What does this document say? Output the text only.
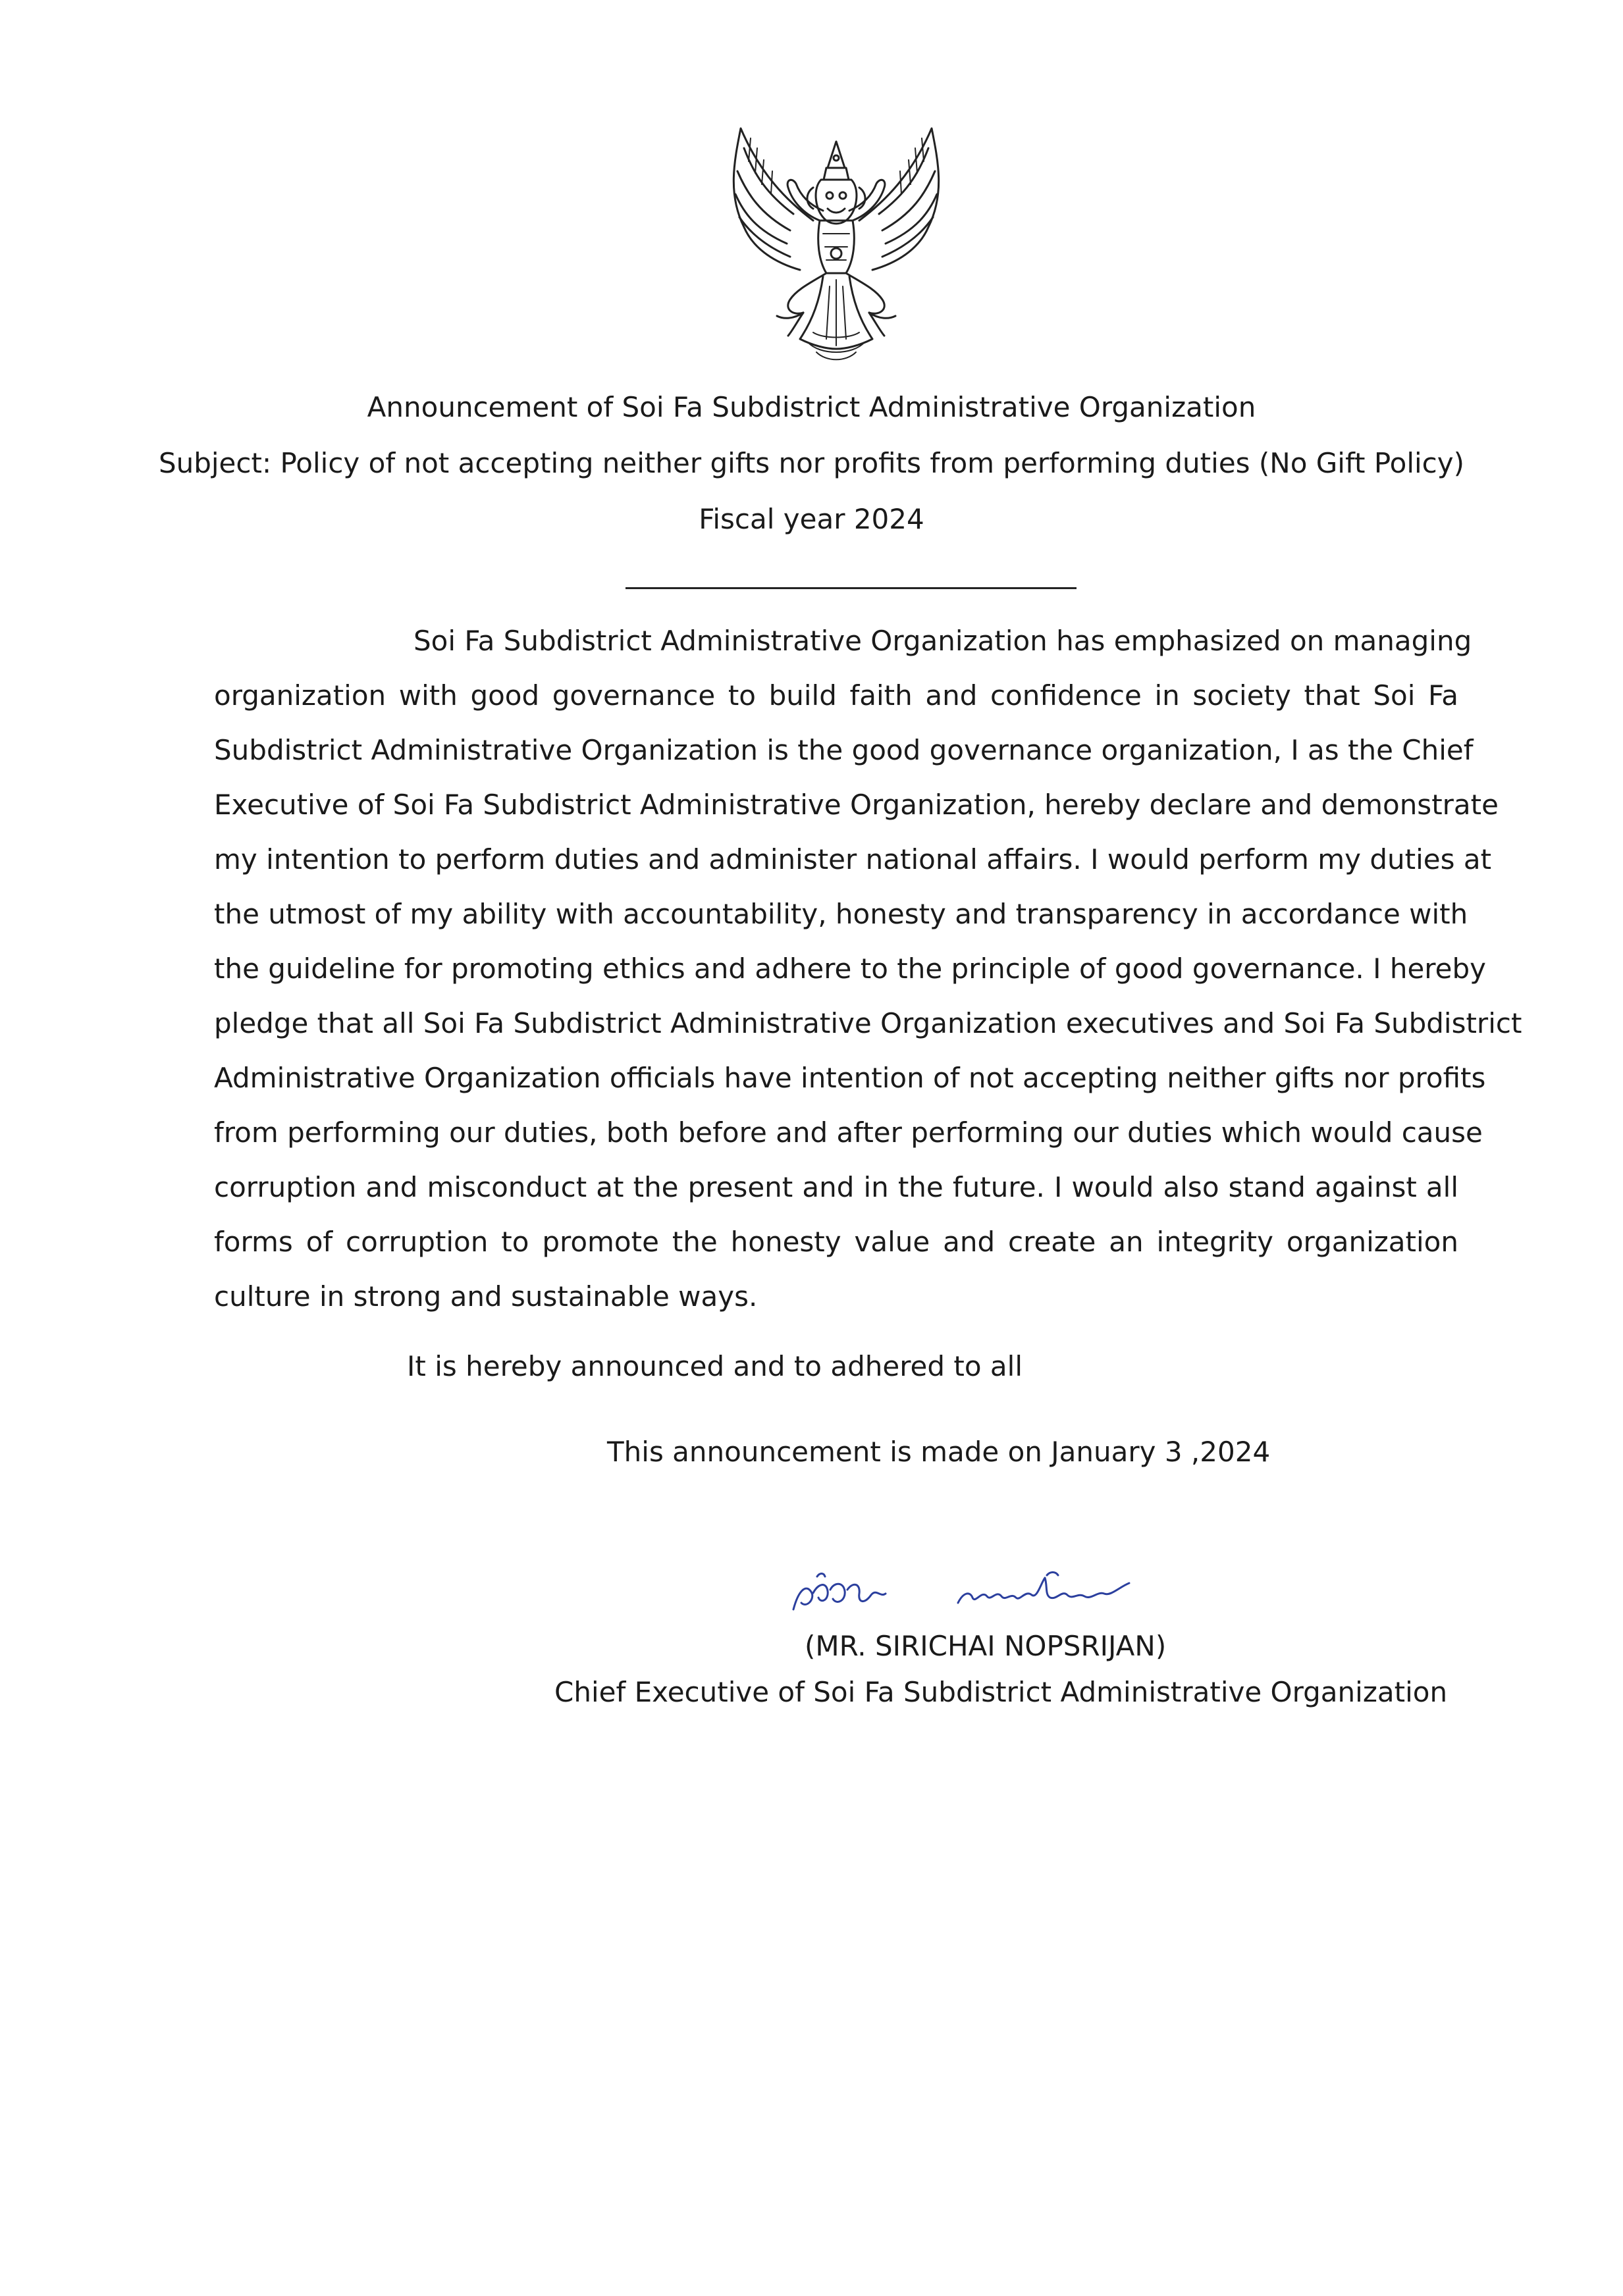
Announcement of Soi Fa Subdistrict Administrative Organization
Subject: Policy of not accepting neither gifts nor profits from performing duties (No Gift Policy)
Fiscal year 2024
Soi Fa Subdistrict Administrative Organization has emphasized on managing
organization with good governance to build faith and confidence in society that Soi Fa
Subdistrict Administrative Organization is the good governance organization, I as the Chief
Executive of Soi Fa Subdistrict Administrative Organization, hereby declare and demonstrate
my intention to perform duties and administer national affairs. I would perform my duties at
the utmost of my ability with accountability, honesty and transparency in accordance with
the guideline for promoting ethics and adhere to the principle of good governance. I hereby
pledge that all Soi Fa Subdistrict Administrative Organization executives and Soi Fa Subdistrict
Administrative Organization officials have intention of not accepting neither gifts nor profits
from performing our duties, both before and after performing our duties which would cause
corruption and misconduct at the present and in the future. I would also stand against all
forms of corruption to promote the honesty value and create an integrity organization
culture in strong and sustainable ways.
It is hereby announced and to adhered to all
This announcement is made on January 3 ,2024
(MR. SIRICHAI NOPSRIJAN)
Chief Executive of Soi Fa Subdistrict Administrative Organization
